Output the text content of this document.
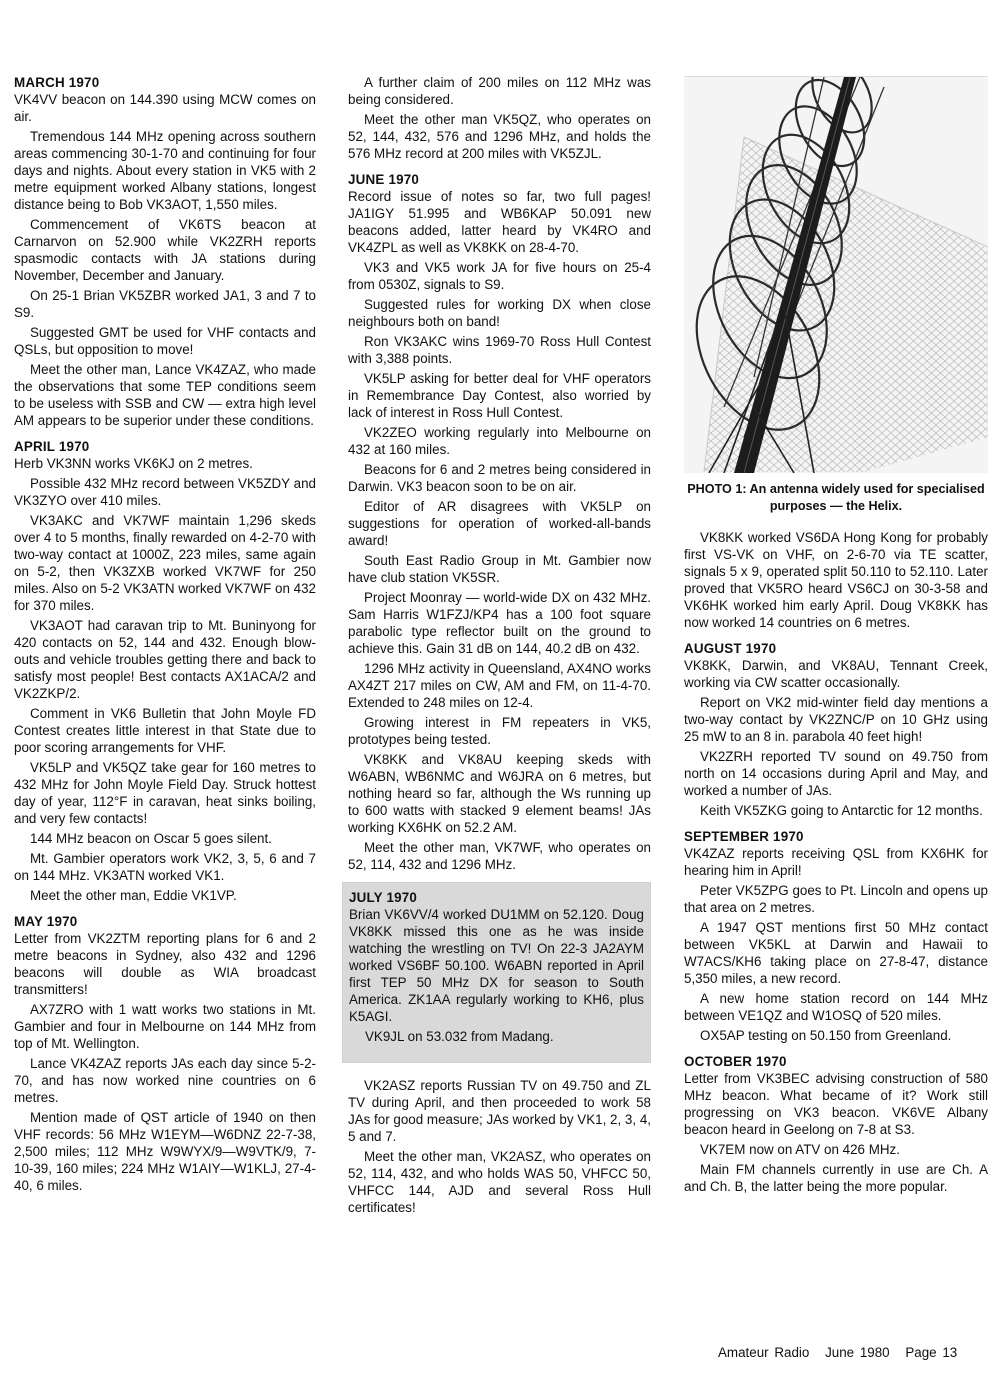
MARCH 1970

VK4VV beacon on 144.390 using MCW comes on air.

Tremendous 144 MHz opening across southern areas commencing 30-1-70 and continuing for four days and nights. About every station in VK5 with 2 metre equipment worked Albany stations, longest distance being to Bob VK3AOT, 1,550 miles.

Commencement of VK6TS beacon at Carnarvon on 52.900 while VK2ZRH reports spasmodic contacts with JA stations during November, December and January.

On 25-1 Brian VK5ZBR worked JA1, 3 and 7 to S9.

Suggested GMT be used for VHF contacts and QSLs, but opposition to move!

Meet the other man, Lance VK4ZAZ, who made the observations that some TEP conditions seem to be useless with SSB and CW — extra high level AM appears to be superior under these conditions.

APRIL 1970

Herb VK3NN works VK6KJ on 2 metres.

Possible 432 MHz record between VK5ZDY and VK3ZYO over 410 miles.

VK3AKC and VK7WF maintain 1,296 skeds over 4 to 5 months, finally rewarded on 4-2-70 with two-way contact at 1000Z, 223 miles, same again on 5-2, then VK3ZXB worked VK7WF for 250 miles. Also on 5-2 VK3ATN worked VK7WF on 432 for 370 miles.

VK3AOT had caravan trip to Mt. Buninyong for 420 contacts on 52, 144 and 432. Enough blow-outs and vehicle troubles getting there and back to satisfy most people! Best contacts AX1ACA/2 and VK2ZKP/2.

Comment in VK6 Bulletin that John Moyle FD Contest creates little interest in that State due to poor scoring arrangements for VHF.

VK5LP and VK5QZ take gear for 160 metres to 432 MHz for John Moyle Field Day. Struck hottest day of year, 112°F in caravan, heat sinks boiling, and very few contacts!

144 MHz beacon on Oscar 5 goes silent.

Mt. Gambier operators work VK2, 3, 5, 6 and 7 on 144 MHz. VK3ATN worked VK1.

Meet the other man, Eddie VK1VP.

MAY 1970

Letter from VK2ZTM reporting plans for 6 and 2 metre beacons in Sydney, also 432 and 1296 beacons will double as WIA broadcast transmitters!

AX7ZRO with 1 watt works two stations in Mt. Gambier and four in Melbourne on 144 MHz from top of Mt. Wellington.

Lance VK4ZAZ reports JAs each day since 5-2-70, and has now worked nine countries on 6 metres.

Mention made of QST article of 1940 on then VHF records: 56 MHz W1EYM—W6DNZ 22-7-38, 2,500 miles; 112 MHz W9WYX/9—W9VTK/9, 7-10-39, 160 miles; 224 MHz W1AIY—W1KLJ, 27-4-40, 6 miles.

A further claim of 200 miles on 112 MHz was being considered.

Meet the other man VK5QZ, who operates on 52, 144, 432, 576 and 1296 MHz, and holds the 576 MHz record at 200 miles with VK5ZJL.

JUNE 1970

Record issue of notes so far, two full pages! JA1IGY 51.995 and WB6KAP 50.091 new beacons added, latter heard by VK4RO and VK4ZPL as well as VK8KK on 28-4-70.

VK3 and VK5 work JA for five hours on 25-4 from 0530Z, signals to S9.

Suggested rules for working DX when close neighbours both on band!

Ron VK3AKC wins 1969-70 Ross Hull Contest with 3,388 points.

VK5LP asking for better deal for VHF operators in Remembrance Day Contest, also worried by lack of interest in Ross Hull Contest.

VK2ZEO working regularly into Melbourne on 432 at 160 miles.

Beacons for 6 and 2 metres being considered in Darwin. VK3 beacon soon to be on air.

Editor of AR disagrees with VK5LP on suggestions for operation of worked-all-bands award!

South East Radio Group in Mt. Gambier now have club station VK5SR.

Project Moonray — world-wide DX on 432 MHz. Sam Harris W1FZJ/KP4 has a 100 foot square parabolic type reflector built on the ground to achieve this. Gain 31 dB on 144, 40.2 dB on 432.

1296 MHz activity in Queensland, AX4NO works AX4ZT 217 miles on CW, AM and FM, on 11-4-70. Extended to 248 miles on 12-4.

Growing interest in FM repeaters in VK5, prototypes being tested.

VK8KK and VK8AU keeping skeds with W6ABN, WB6NMC and W6JRA on 6 metres, but nothing heard so far, although the Ws running up to 600 watts with stacked 9 element beams! JAs working KX6HK on 52.2 AM.

Meet the other man, VK7WF, who operates on 52, 114, 432 and 1296 MHz.

JULY 1970

Brian VK6VV/4 worked DU1MM on 52.120. Doug VK8KK missed this one as he was inside watching the wrestling on TV! On 22-3 JA2AYM worked VS6BF 50.100. W6ABN reported in April first TEP 50 MHz DX for season to South America. ZK1AA regularly working to KH6, plus K5AGI.

VK9JL on 53.032 from Madang.

VK2ASZ reports Russian TV on 49.750 and ZL TV during April, and then proceeded to work 58 JAs for good measure; JAs worked by VK1, 2, 3, 4, 5 and 7.

Meet the other man, VK2ASZ, who operates on 52, 114, 432, and who holds WAS 50, VHFCC 50, VHFCC 144, AJD and several Ross Hull certificates!

PHOTO 1: An antenna widely used for specialised purposes — the Helix.

VK8KK worked VS6DA Hong Kong for probably first VS-VK on VHF, on 2-6-70 via TE scatter, signals 5 x 9, operated split 50.110 to 52.110. Later proved that VK5RO heard VS6CJ on 30-3-58 and VK6HK worked him early April. Doug VK8KK has now worked 14 countries on 6 metres.

AUGUST 1970

VK8KK, Darwin, and VK8AU, Tennant Creek, working via CW scatter occasionally.

Report on VK2 mid-winter field day mentions a two-way contact by VK2ZNC/P on 10 GHz using 25 mW to an 8 in. parabola 40 feet high!

VK2ZRH reported TV sound on 49.750 from north on 14 occasions during April and May, and worked a number of JAs.

Keith VK5ZKG going to Antarctic for 12 months.

SEPTEMBER 1970

VK4ZAZ reports receiving QSL from KX6HK for hearing him in April!

Peter VK5ZPG goes to Pt. Lincoln and opens up that area on 2 metres.

A 1947 QST mentions first 50 MHz contact between VK5KL at Darwin and Hawaii to W7ACS/KH6 taking place on 27-8-47, distance 5,350 miles, a new record.

A new home station record on 144 MHz between VE1QZ and W1OSQ of 520 miles.

OX5AP testing on 50.150 from Greenland.

OCTOBER 1970

Letter from VK3BEC advising construction of 580 MHz beacon. What became of it? Work still progressing on VK3 beacon. VK6VE Albany beacon heard in Geelong on 7-8 at S3.

VK7EM now on ATV on 426 MHz.

Main FM channels currently in use are Ch. A and Ch. B, the latter being the more popular.

Amateur Radio June 1980 Page 13
